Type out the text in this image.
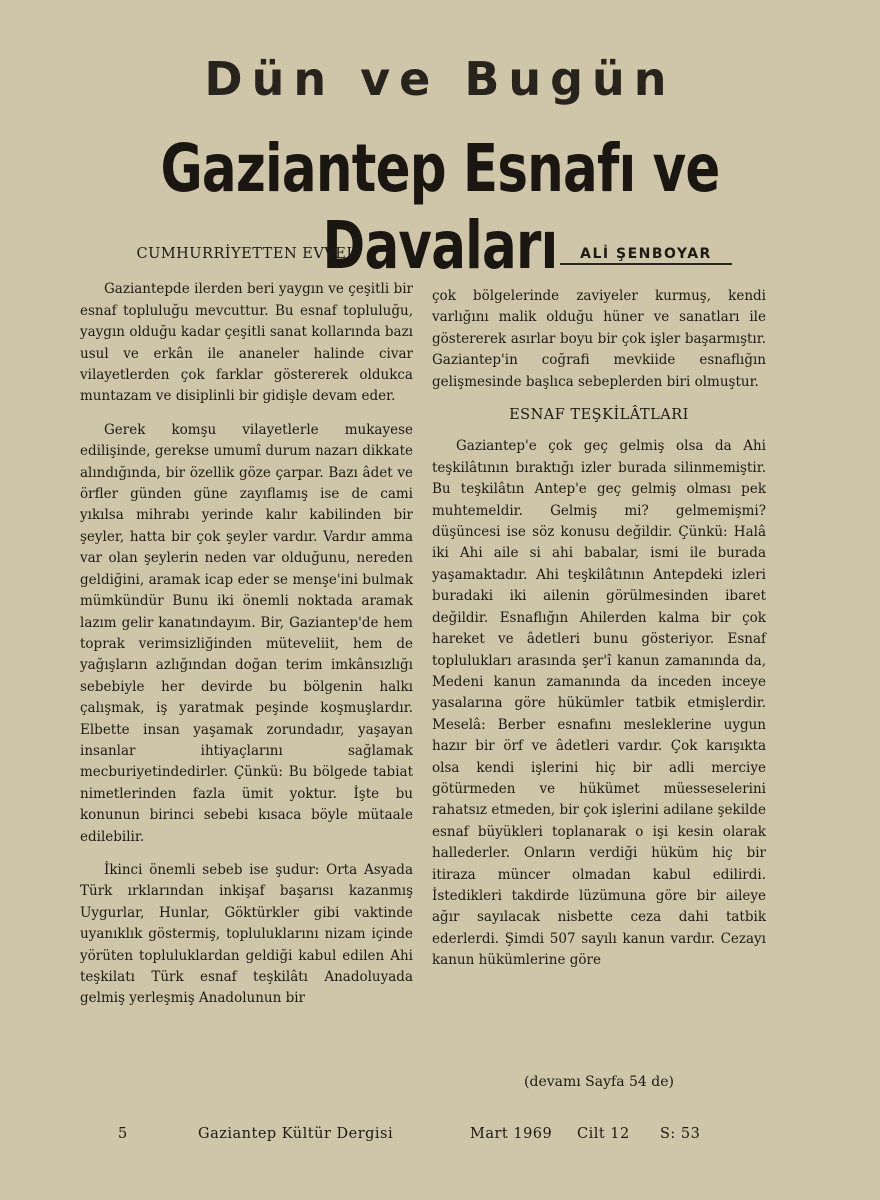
Dün ve Bugün
Gaziantep Esnafı ve Davaları	ALİ ŞENBOYAR
CUMHURRİYETTEN EVVEL

Gaziantepde ilerden beri yaygın ve çeşitli bir esnaf topluluğu mevcuttur. Bu esnaf topluluğu, yaygın olduğu kadar çeşitli sanat kollarında bazı usul ve erkân ile ananeler halinde civar vilayetlerden çok farklar göstererek oldukca muntazam ve disiplinli bir gidişle devam eder.

Gerek komşu vilayetlerle mukayese edilişinde, gerekse umumî durum nazarı dikkate alındığında, bir özellik göze çarpar. Bazı âdet ve örfler günden güne zayıflamış ise de cami yıkılsa mihrabı yerinde kalır kabilinden bir şeyler, hatta bir çok şeyler vardır. Vardır amma var olan şeylerin neden var olduğunu, nereden geldiğini, aramak icap eder se menşe'ini bulmak mümkündür Bunu iki önemli noktada aramak lazım gelir kanatındayım. Bir, Gaziantep'de hem toprak verimsizliğinden müteveliit, hem de yağışların azlığından doğan terim imkânsızlığı sebebiyle her devirde bu bölgenin halkı çalışmak, iş yaratmak peşinde koşmuşlardır. Elbette insan yaşamak zorundadır, yaşayan insanlar ihtiyaçlarını sağlamak mecburiyetindedirler. Çünkü: Bu bölgede tabiat nimetlerinden fazla ümit yoktur. İşte bu konunun birinci sebebi kısaca böyle mütaale edilebilir.

İkinci önemli sebeb ise şudur: Orta Asyada Türk ırklarından inkişaf başarısı kazanmış Uygurlar, Hunlar, Göktürkler gibi vaktinde uyanıklık göstermiş, topluluklarını nizam içinde yörüten topluluklardan geldiği kabul edilen Ahi teşkilatı Türk esnaf teşkilâtı Anadoluyada gelmiş yerleşmiş Anadolunun bir

çok bölgelerinde zaviyeler kurmuş, kendi varlığını malik olduğu hüner ve sanatları ile göstererek asırlar boyu bir çok işler başarmıştır. Gaziantep'in coğrafi mevkiide esnaflığın gelişmesinde başlıca sebeplerden biri olmuştur.

ESNAF TEŞKİLÂTLARI

Gaziantep'e çok geç gelmiş olsa da Ahi teşkilâtının bıraktığı izler burada silinmemiştir. Bu teşkilâtın Antep'e geç gelmiş olması pek muhtemeldir. Gelmiş mi? gelmemişmi? düşüncesi ise söz konusu değildir. Çünkü: Halâ iki Ahi aile si ahi babalar, ismi ile burada yaşamaktadır. Ahi teşkilâtının Antepdeki izleri buradaki iki ailenin görülmesinden ibaret değildir. Esnaflığın Ahilerden kalma bir çok hareket ve âdetleri bunu gösteriyor. Esnaf toplulukları arasında şer'î kanun zamanında da, Medeni kanun zamanında da inceden inceye yasalarına göre hükümler tatbik etmişlerdir. Meselâ: Berber esnafını mesleklerine uygun hazır bir örf ve âdetleri vardır. Çok karışıkta olsa kendi işlerini hiç bir adli merciye götürmeden ve hükümet müesseselerini rahatsız etmeden, bir çok işlerini adilane şekilde esnaf büyükleri toplanarak o işi kesin olarak hallederler. Onların verdiği hüküm hiç bir itiraza müncer olmadan kabul edilirdi. İstedikleri takdirde lüzümuna göre bir aileye ağır sayılacak nisbette ceza dahi tatbik ederlerdi. Şimdi 507 sayılı kanun vardır. Cezayı kanun hükümlerine göre

(devamı Sayfa 54 de)
5	Gaziantep Kültür Dergisi	Mart 1969 Cilt 12 S: 53
